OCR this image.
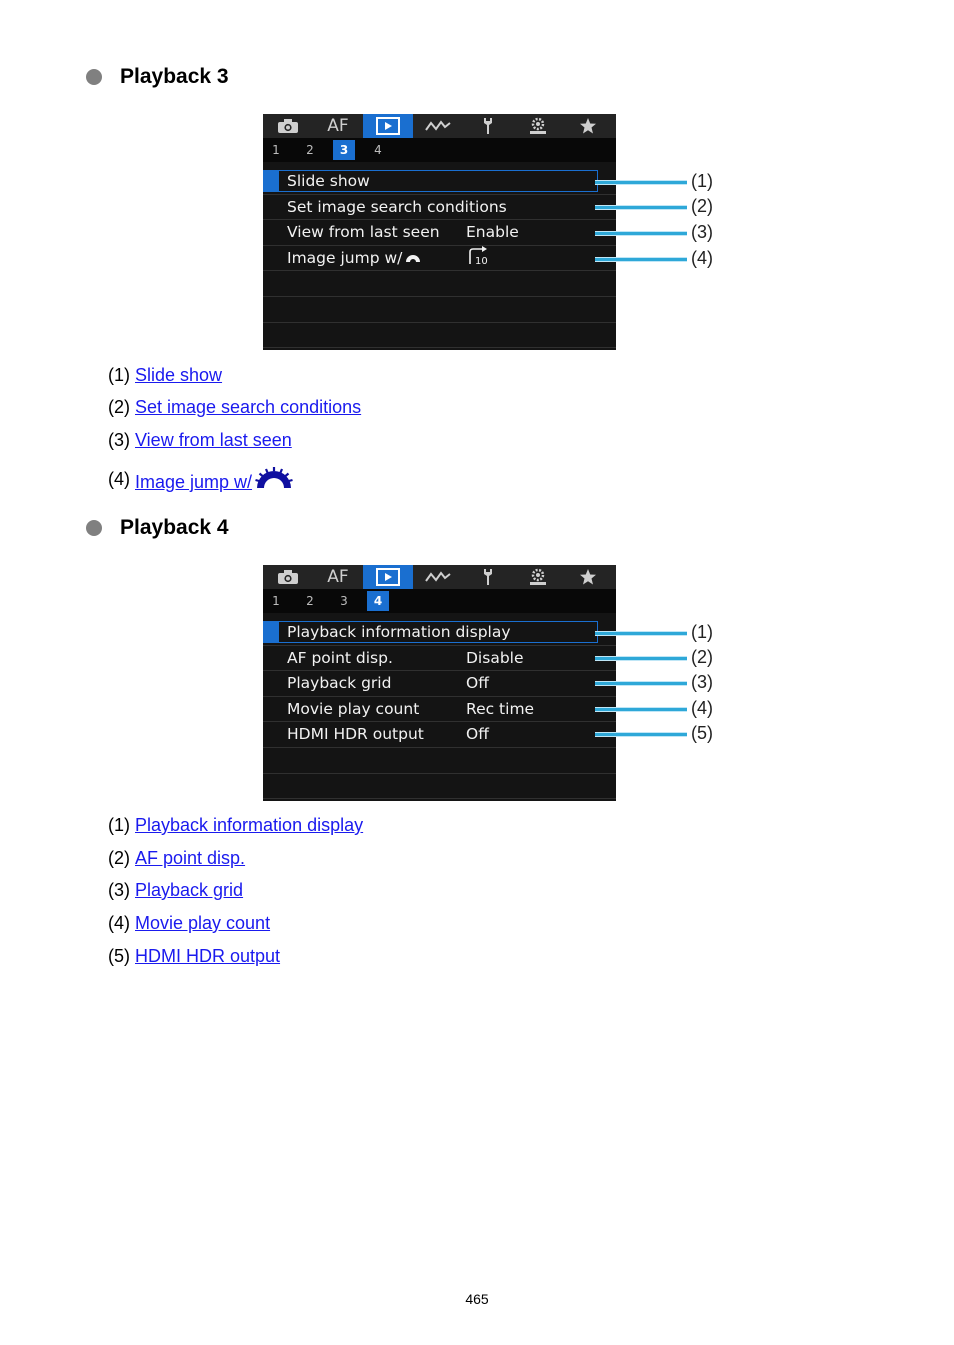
Playback 3
AF
1	2	3	4
Slide show
Set image search conditions
View from last seen Enable
Image jump w/	10
(1)
(2)
(3)
(4)
(1) Slide show
(2) Set image search conditions
(3) View from last seen
(4) Image jump w/
Playback 4
AF
1	2	3	4
Playback information display
AF point disp.	Disable
Playback grid	Off
Movie play count	Rec time
HDMI HDR output	Off
(1)
(2)
(3)
(4)
(5)
(1) Playback information display
(2) AF point disp.
(3) Playback grid
(4) Movie play count
(5) HDMI HDR output
465
